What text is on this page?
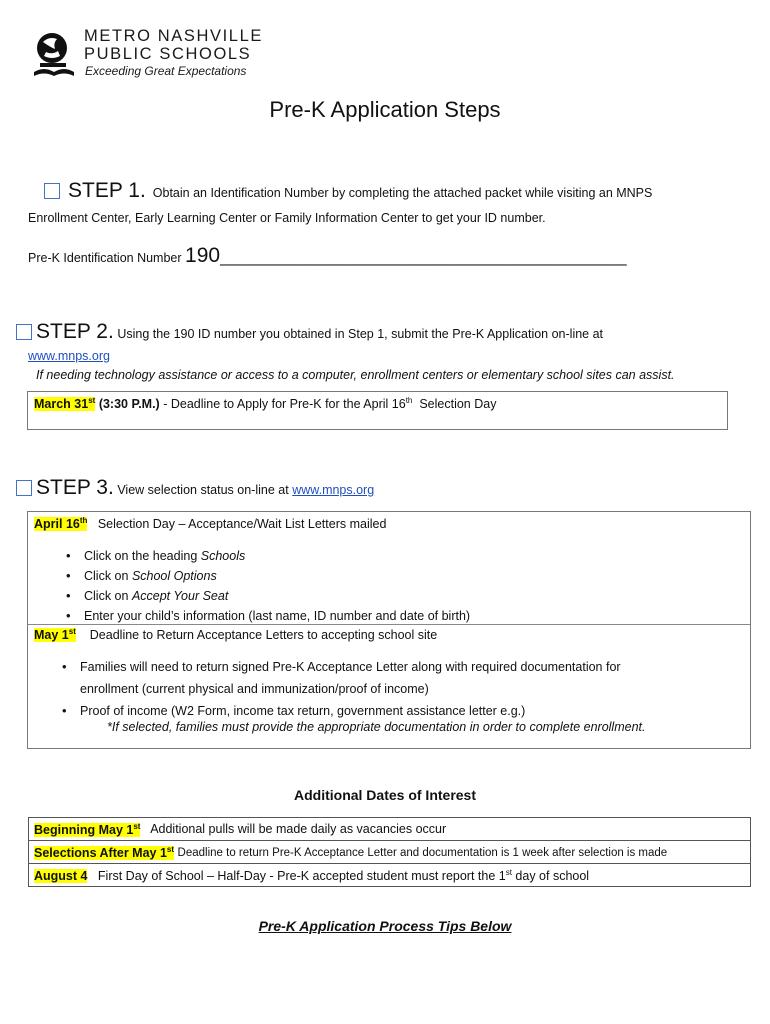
METRO NASHVILLE
PUBLIC SCHOOLS
Exceeding Great Expectations
Pre-K Application Steps
STEP 1. Obtain an Identification Number by completing the attached packet while visiting an MNPS
Enrollment Center, Early Learning Center or Family Information Center to get your ID number.
Pre-K Identification Number 190___________________________________________
STEP 2. Using the 190 ID number you obtained in Step 1, submit the Pre-K Application on-line at
www.mnps.org
If needing technology assistance or access to a computer, enrollment centers or elementary school sites can assist.
March 31st (3:30 P.M.) - Deadline to Apply for Pre-K for the April 16th Selection Day
STEP 3. View selection status on-line at www.mnps.org
April 16th Selection Day – Acceptance/Wait List Letters mailed
• Click on the heading Schools
• Click on School Options
• Click on Accept Your Seat
• Enter your child’s information (last name, ID number and date of birth)
May 1st Deadline to Return Acceptance Letters to accepting school site
• Families will need to return signed Pre-K Acceptance Letter along with required documentation for
enrollment (current physical and immunization/proof of income)
• Proof of income (W2 Form, income tax return, government assistance letter e.g.)
*If selected, families must provide the appropriate documentation in order to complete enrollment.
Additional Dates of Interest
Beginning May 1st Additional pulls will be made daily as vacancies occur
Selections After May 1st Deadline to return Pre-K Acceptance Letter and documentation is 1 week after selection is made
August 4 First Day of School – Half-Day - Pre-K accepted student must report the 1st day of school
Pre-K Application Process Tips Below
